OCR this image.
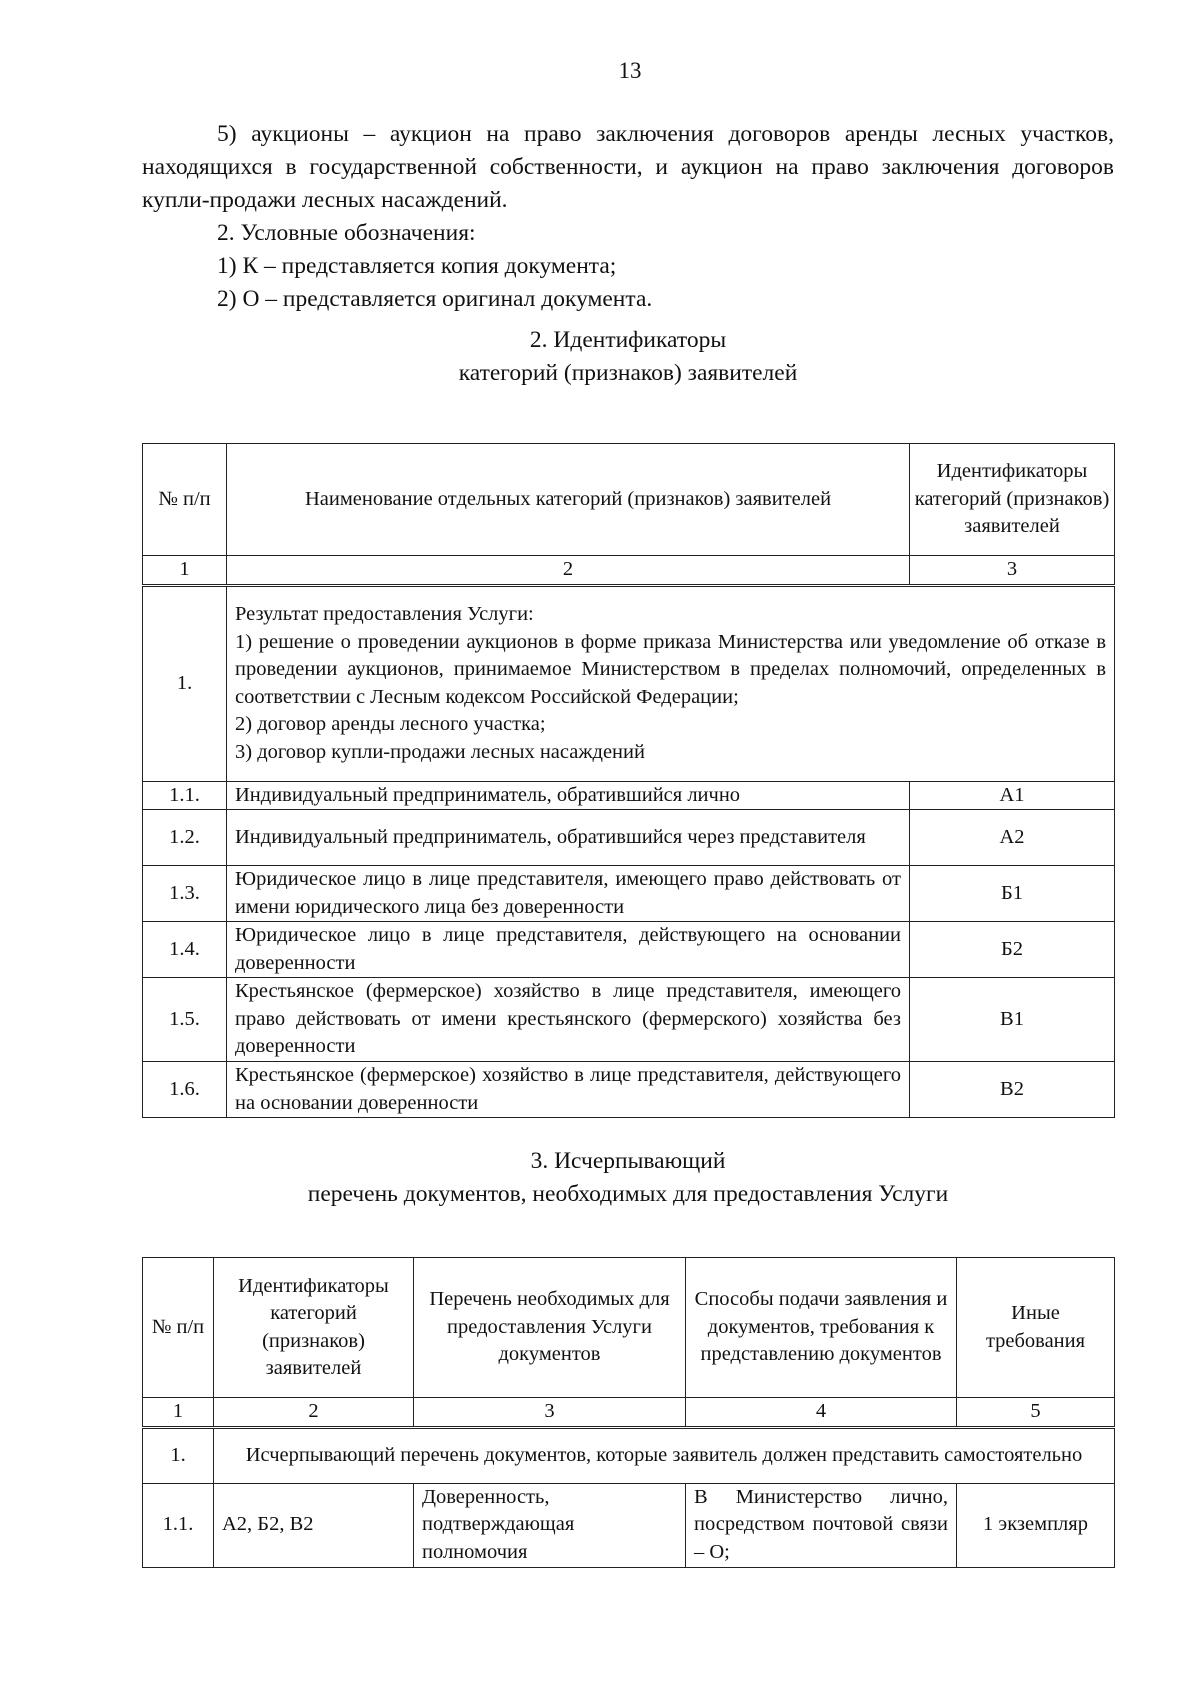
13

5) аукционы – аукцион на право заключения договоров аренды лесных участков, находящихся в государственной собственности, и аукцион на право заключения договоров купли-продажи лесных насаждений.

2. Условные обозначения:

1) К – представляется копия документа;

2) О – представляется оригинал документа.

2. Идентификаторы
категорий (признаков) заявителей
№ п/п	Наименование отдельных категорий (признаков) заявителей	Идентификаторы категорий (признаков) заявителей
1	2	3
1.	Результат предоставления Услуги:
1) решение о проведении аукционов в форме приказа Министерства или уведомление об отказе в проведении аукционов, принимаемое Министерством в пределах полномочий, определенных в соответствии с Лесным кодексом Российской Федерации;
2) договор аренды лесного участка;
3) договор купли-продажи лесных насаждений	

1.1.	Индивидуальный предприниматель, обратившийся лично	А1
1.2.	Индивидуальный предприниматель, обратившийся через представителя	А2
1.3.	Юридическое лицо в лице представителя, имеющего право действовать от имени юридического лица без доверенности	Б1
1.4.	Юридическое лицо в лице представителя, действующего на основании доверенности	Б2
1.5.	Крестьянское (фермерское) хозяйство в лице представителя, имеющего право действовать от имени крестьянского (фермерского) хозяйства без доверенности	В1
1.6.	Крестьянское (фермерское) хозяйство в лице представителя, действующего на основании доверенности	В2
3. Исчерпывающий
перечень документов, необходимых для предоставления Услуги
№ п/п	Идентификаторы категорий (признаков) заявителей	Перечень необходимых для предоставления Услуги документов	Способы подачи заявления и документов, требования к представлению документов	Иные требования
1	2	3	4	5
1.	Исчерпывающий перечень документов, которые заявитель должен представить самостоятельно			
1.1.	А2, Б2, В2	Доверенность, подтверждающая полномочия	В Министерство лично, посредством почтовой связи – О;	1 экземпляр
